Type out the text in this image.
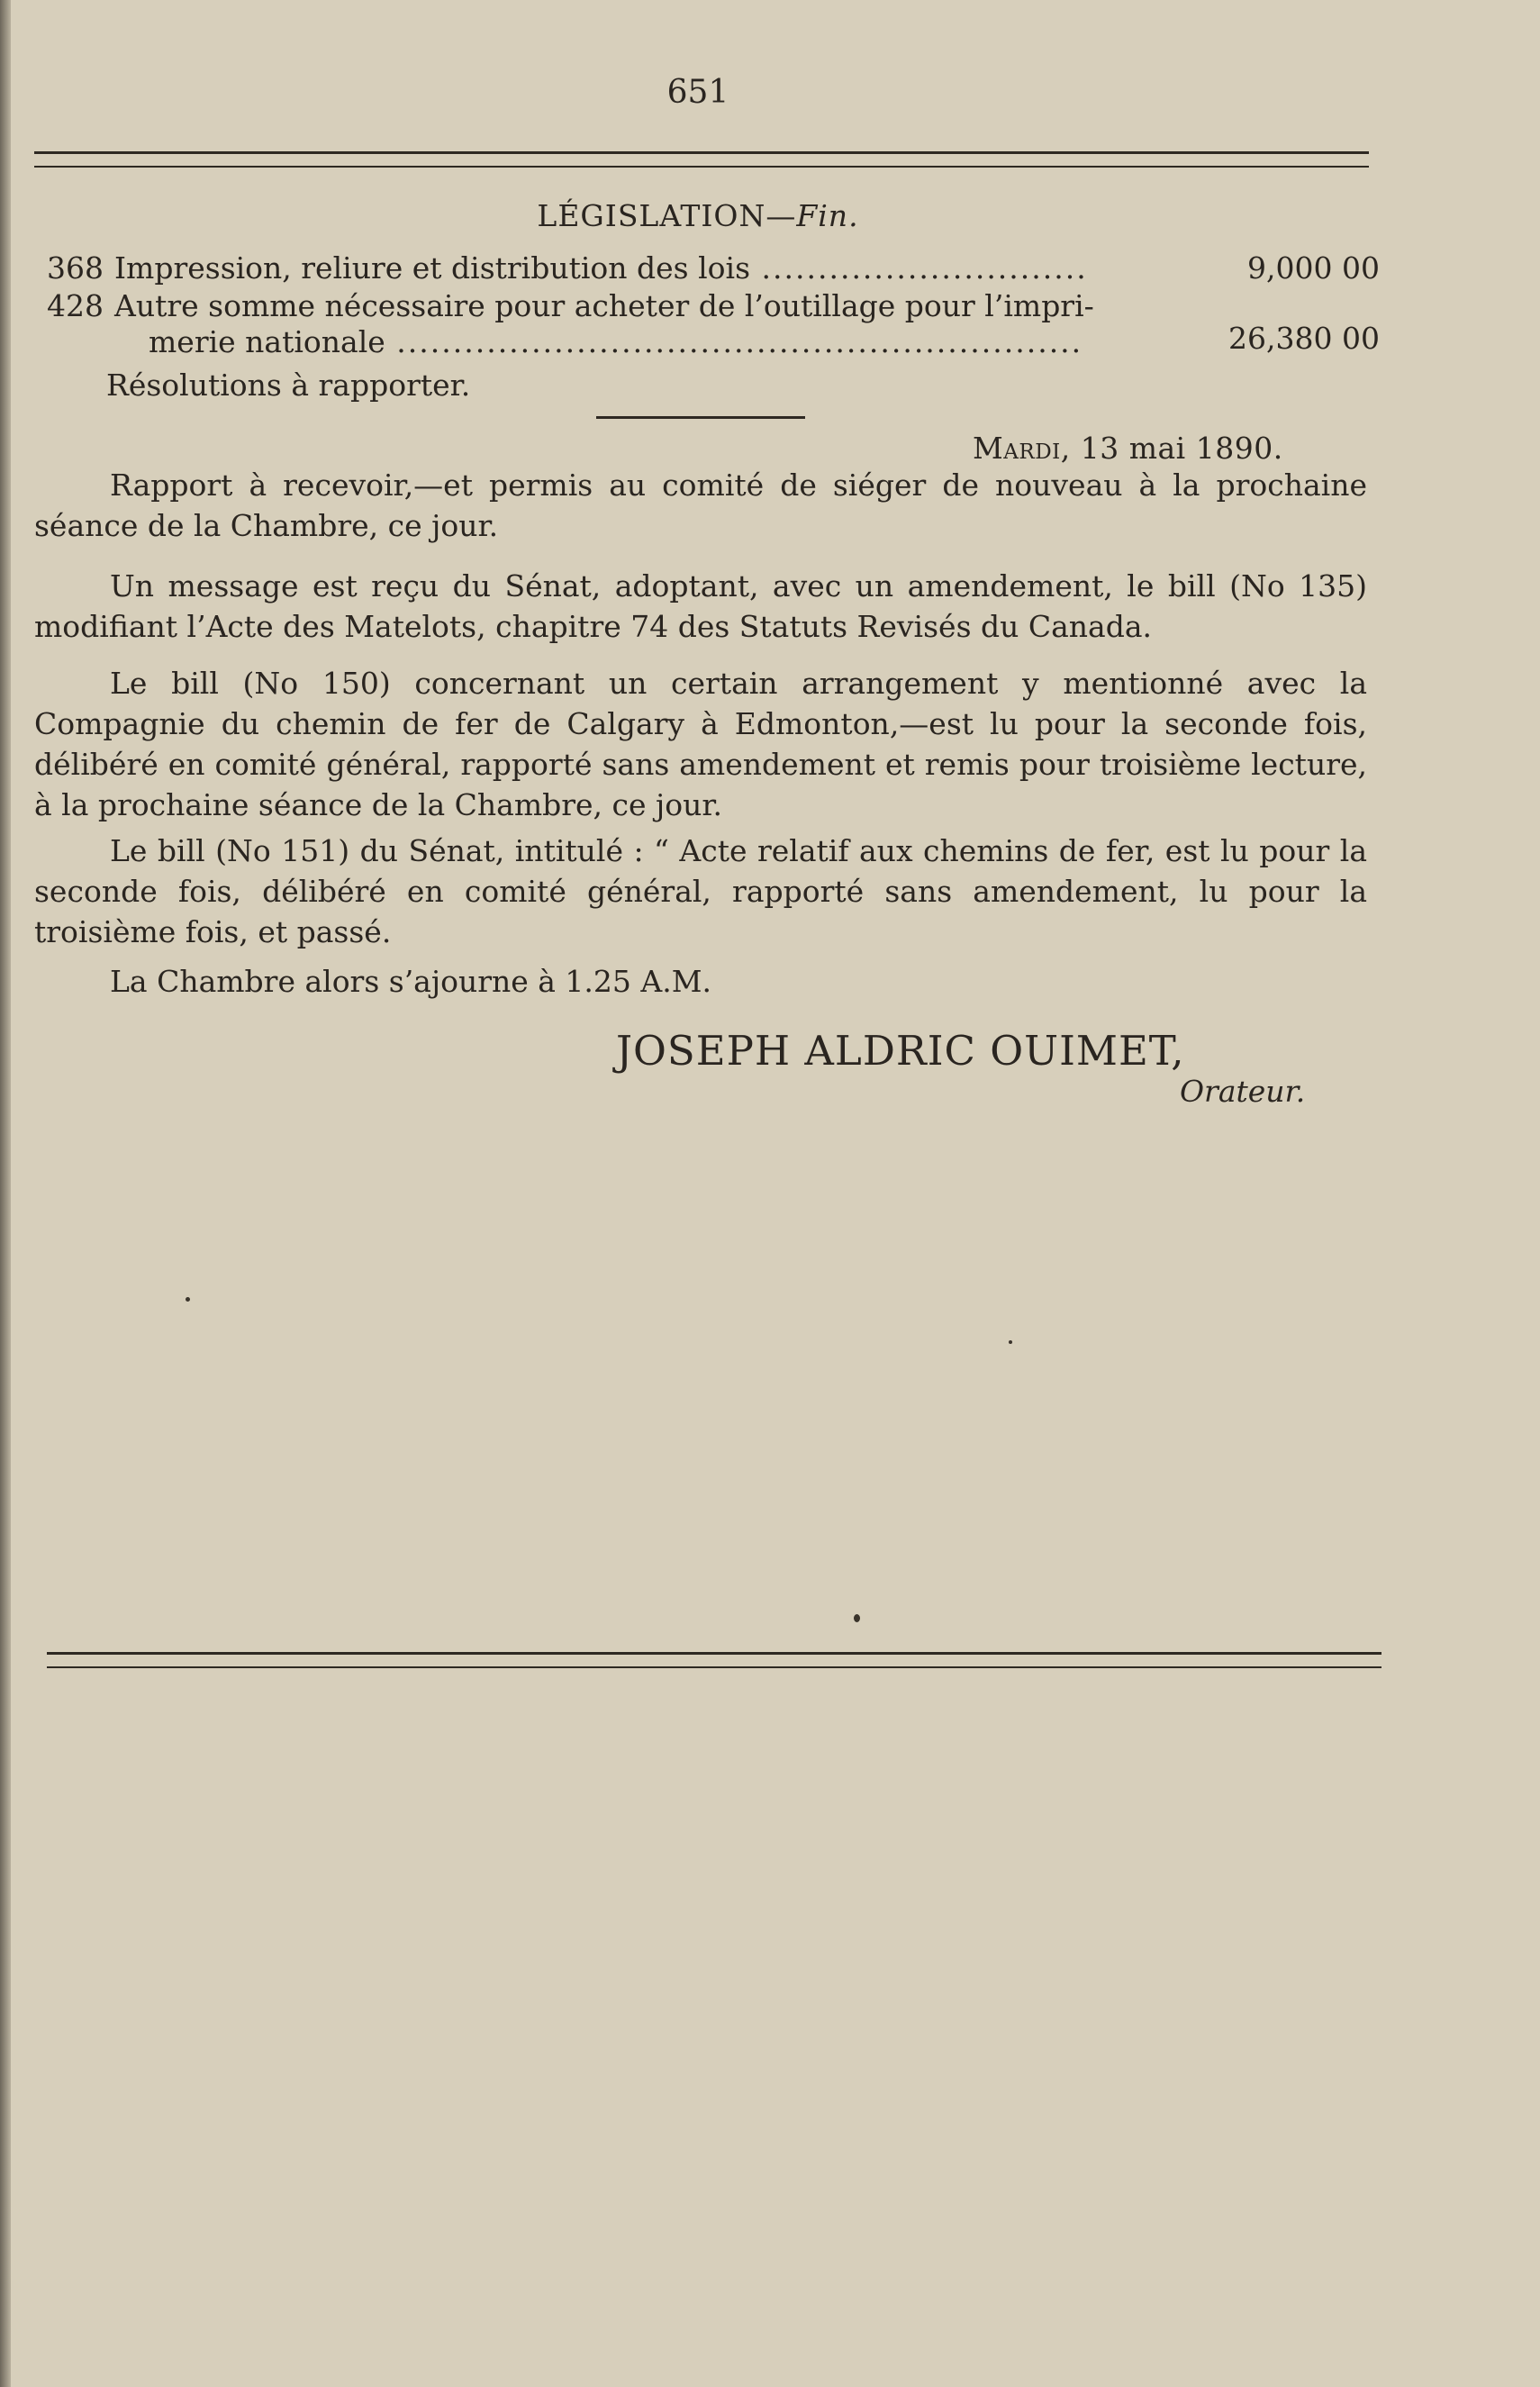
651
LÉGISLATION—Fin.
368 Impression, reliure et distribution des lois .............................	9,000 00
428 Autre somme nécessaire pour acheter de l’outillage pour l’impri-
merie nationale .............................................................	26,380 00
Résolutions à rapporter.
Mardi, 13 mai 1890.

Rapport à recevoir,—et permis au comité de siéger de nouveau à la prochaine séance de la Chambre, ce jour.

Un message est reçu du Sénat, adoptant, avec un amendement, le bill (No 135) modifiant l’Acte des Matelots, chapitre 74 des Statuts Revisés du Canada.

Le bill (No 150) concernant un certain arrangement y mentionné avec la Compagnie du chemin de fer de Calgary à Edmonton,—est lu pour la seconde fois, délibéré en comité général, rapporté sans amendement et remis pour troisième lecture, à la prochaine séance de la Chambre, ce jour.

Le bill (No 151) du Sénat, intitulé : “ Acte relatif aux chemins de fer, est lu pour la seconde fois, délibéré en comité général, rapporté sans amendement, lu pour la troisième fois, et passé.

La Chambre alors s’ajourne à 1.25 A.M.
JOSEPH ALDRIC OUIMET,
Orateur.
